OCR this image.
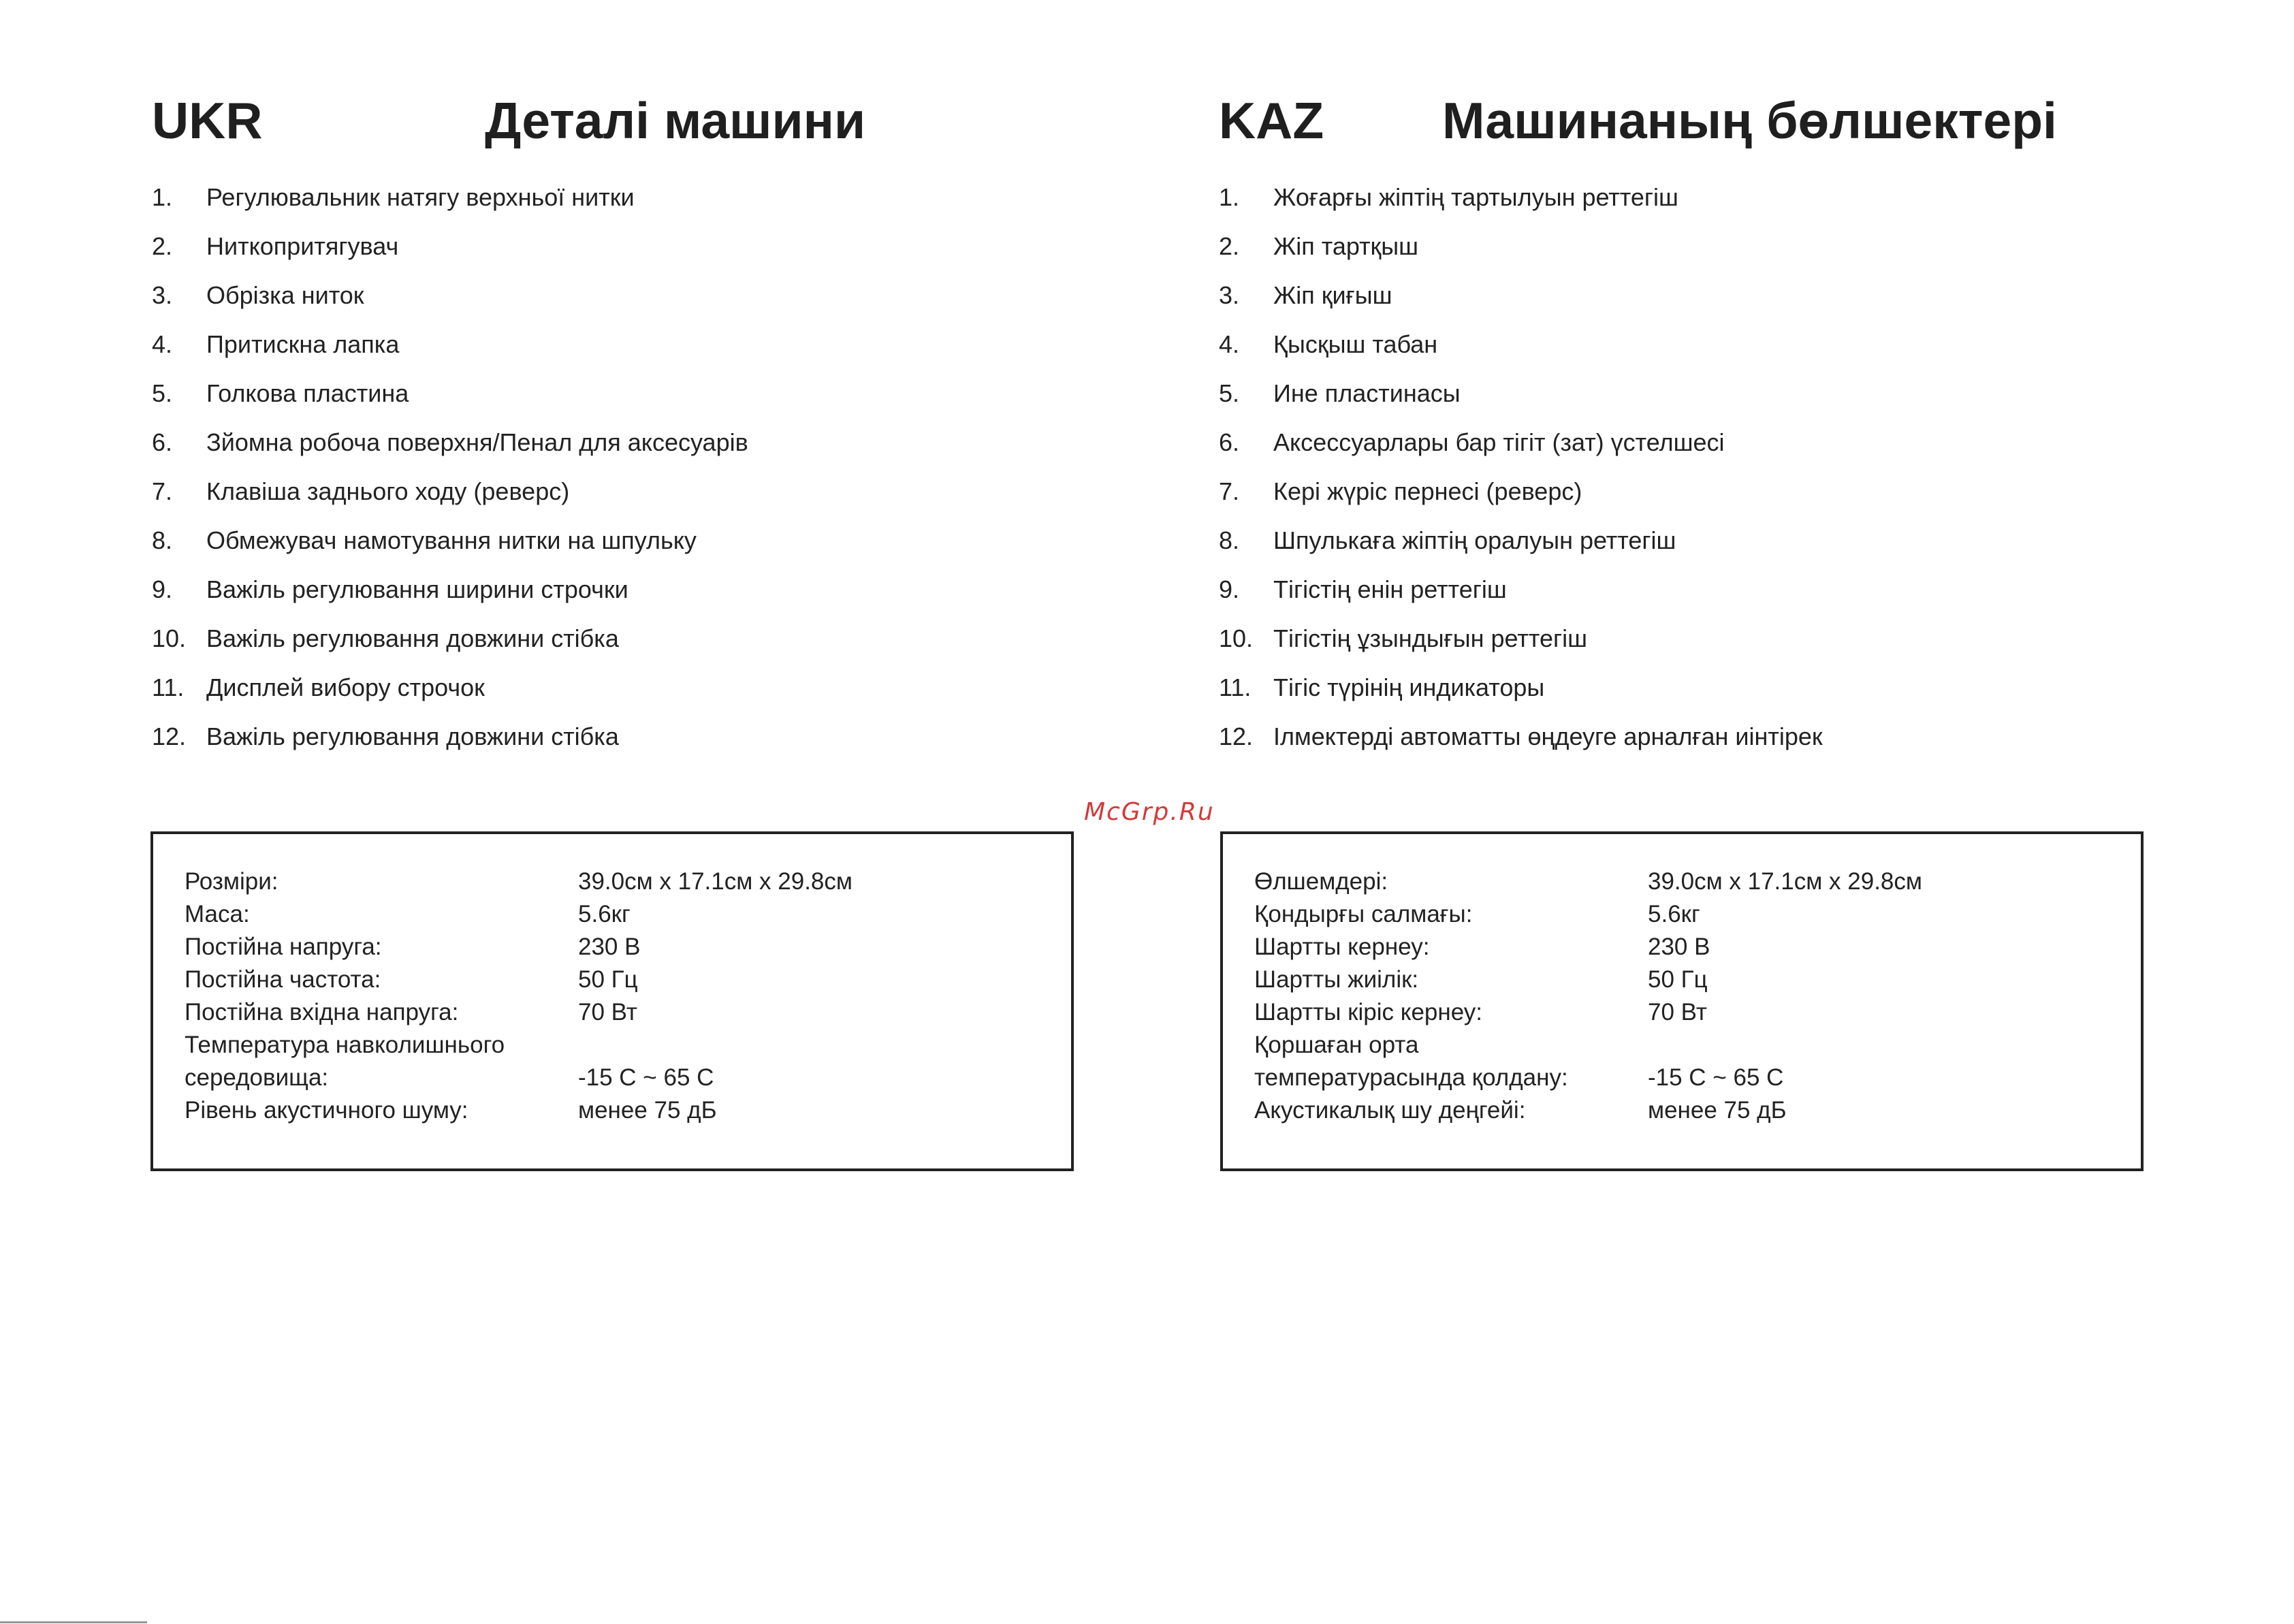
UKR	Деталі машини
1. Регулювальник натягу верхньої нитки
2. Ниткопритягувач
3. Обрізка ниток
4. Притискна лапка
5. Голкова пластина
6. Зйомна робоча поверхня/Пенал для аксесуарів
7. Клавіша заднього ходу (реверс)
8. Обмежувач намотування нитки на шпульку
9. Важіль регулювання ширини строчки
10. Важіль регулювання довжини стібка
11. Дисплей вибору строчок
12. Важіль регулювання довжини стібка
Розміри:	39.0см x 17.1см x 29.8см
Маса:	5.6кг
Постійна напруга:	230 В
Постійна частота:	50 Гц
Постійна вхідна напруга:	70 Вт
Температура навколишнього
середовища:	-15 С ~ 65 С
Рівень акустичного шуму:	менее 75 дБ
KAZ Машинаның бөлшектері
1. Жоғарғы жіптің тартылуын реттегіш
2. Жіп тартқыш
3. Жіп қиғыш
4. Қысқыш табан
5. Ине пластинасы
6. Аксессуарлары бар тігіт (зат) үстелшесі
7. Кері жүріс пернесі (реверс)
8. Шпулькаға жіптің оралуын реттегіш
9. Тігістің енін реттегіш
10. Тігістің ұзындығын реттегіш
11. Тігіс түрінің индикаторы
12. Ілмектерді автоматты өңдеуге арналған иінтірек
Өлшемдері:	39.0см x 17.1см x 29.8см
Қондырғы салмағы:	5.6кг
Шартты кернеу:	230 В
Шартты жиілік:	50 Гц
Шартты кіріс кернеу:	70 Вт
Қоршаған орта
температурасында қолдану:	-15 С ~ 65 С
Акустикалық шу деңгейі:	менее 75 дБ
McGrp.Ru
